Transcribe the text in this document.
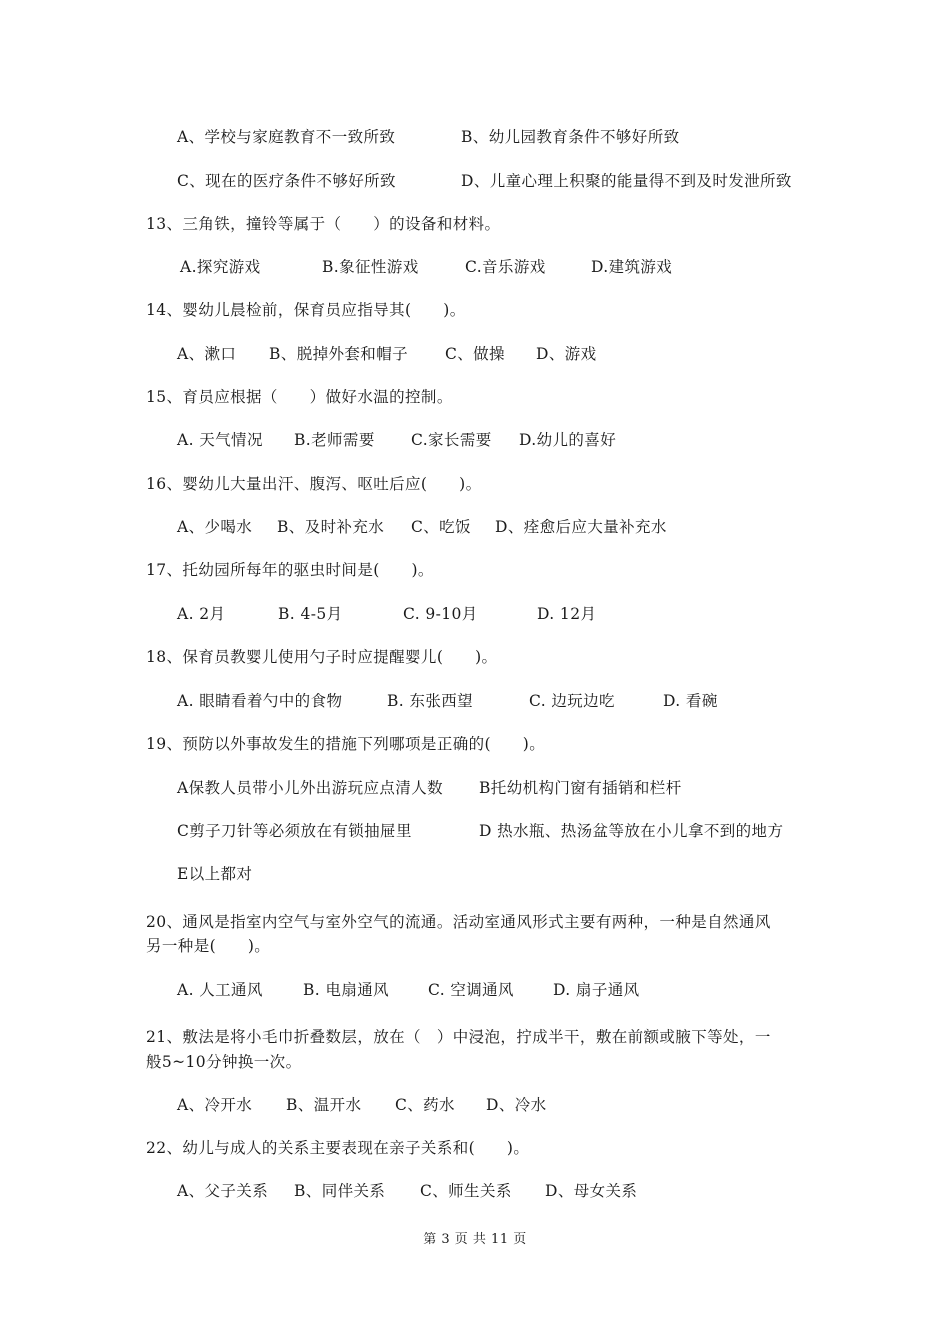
A、学校与家庭教育不一致所致	B、幼儿园教育条件不够好所致
C、现在的医疗条件不够好所致	D、儿童心理上积聚的能量得不到及时发泄所致
13、三角铁，撞铃等属于（　　）的设备和材料。
A.探究游戏	B.象征性游戏	C.音乐游戏	D.建筑游戏
14、婴幼儿晨检前，保育员应指导其(　　)。
A、漱口 B、脱掉外套和帽子 C、做操 D、游戏
15、育员应根据（　　）做好水温的控制。
A. 天气情况 B.老师需要 C.家长需要 D.幼儿的喜好
16、婴幼儿大量出汗、腹泻、呕吐后应(　　)。
A、少喝水 B、及时补充水 C、吃饭 D、痊愈后应大量补充水
17、托幼园所每年的驱虫时间是(　　)。
A. 2月	B. 4-5月	C. 9-10月	D. 12月
18、保育员教婴儿使用勺子时应提醒婴儿(　　)。
A. 眼睛看着勺中的食物	B. 东张西望	C. 边玩边吃	D. 看碗
19、预防以外事故发生的措施下列哪项是正确的(　　)。
A保教人员带小儿外出游玩应点清人数 B托幼机构门窗有插销和栏杆
C剪子刀针等必须放在有锁抽屉里	D 热水瓶、热汤盆等放在小儿拿不到的地方
E以上都对
20、通风是指室内空气与室外空气的流通。活动室通风形式主要有两种，一种是自然通风
另一种是(　　)。
A. 人工通风	B. 电扇通风	C. 空调通风	D. 扇子通风
21、敷法是将小毛巾折叠数层，放在（　）中浸泡，拧成半干，敷在前额或腋下等处，一
般5~10分钟换一次。
A、冷开水 B、温开水 C、药水 D、冷水
22、幼儿与成人的关系主要表现在亲子关系和(　　)。
A、父子关系 B、同伴关系 C、师生关系 D、母女关系
第 3 页 共 11 页
